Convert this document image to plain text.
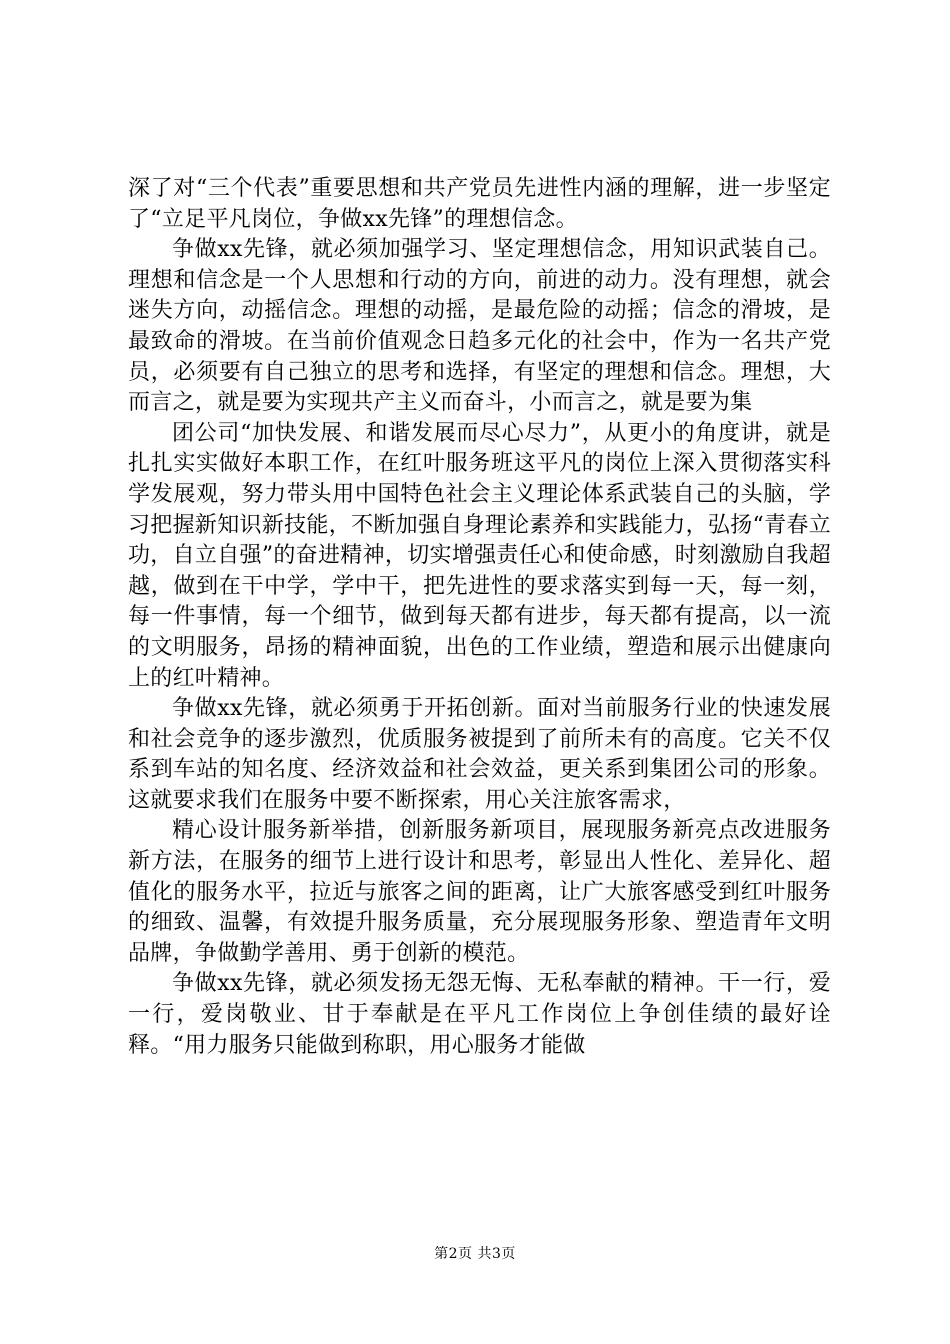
深了对“三个代表”重要思想和共产党员先进性内涵的理解，进一步坚定了“立足平凡岗位，争做xx先锋”的理想信念。

争做xx先锋，就必须加强学习、坚定理想信念，用知识武装自己。理想和信念是一个人思想和行动的方向，前进的动力。没有理想，就会迷失方向，动摇信念。理想的动摇，是最危险的动摇；信念的滑坡，是最致命的滑坡。在当前价值观念日趋多元化的社会中，作为一名共产党员，必须要有自己独立的思考和选择，有坚定的理想和信念。理想，大而言之，就是要为实现共产主义而奋斗，小而言之，就是要为集

团公司“加快发展、和谐发展而尽心尽力”，从更小的角度讲，就是扎扎实实做好本职工作，在红叶服务班这平凡的岗位上深入贯彻落实科学发展观，努力带头用中国特色社会主义理论体系武装自己的头脑，学习把握新知识新技能，不断加强自身理论素养和实践能力，弘扬“青春立功，自立自强”的奋进精神，切实增强责任心和使命感，时刻激励自我超越，做到在干中学，学中干，把先进性的要求落实到每一天，每一刻，每一件事情，每一个细节，做到每天都有进步，每天都有提高，以一流的文明服务，昂扬的精神面貌，出色的工作业绩，塑造和展示出健康向上的红叶精神。

争做xx先锋，就必须勇于开拓创新。面对当前服务行业的快速发展和社会竞争的逐步激烈，优质服务被提到了前所未有的高度。它关不仅系到车站的知名度、经济效益和社会效益，更关系到集团公司的形象。这就要求我们在服务中要不断探索，用心关注旅客需求，

精心设计服务新举措，创新服务新项目，展现服务新亮点改进服务新方法，在服务的细节上进行设计和思考，彰显出人性化、差异化、超值化的服务水平，拉近与旅客之间的距离，让广大旅客感受到红叶服务的细致、温馨，有效提升服务质量，充分展现服务形象、塑造青年文明品牌，争做勤学善用、勇于创新的模范。

争做xx先锋，就必须发扬无怨无悔、无私奉献的精神。干一行，爱一行，爱岗敬业、甘于奉献是在平凡工作岗位上争创佳绩的最好诠释。“用力服务只能做到称职，用心服务才能做

第2页 共3页
